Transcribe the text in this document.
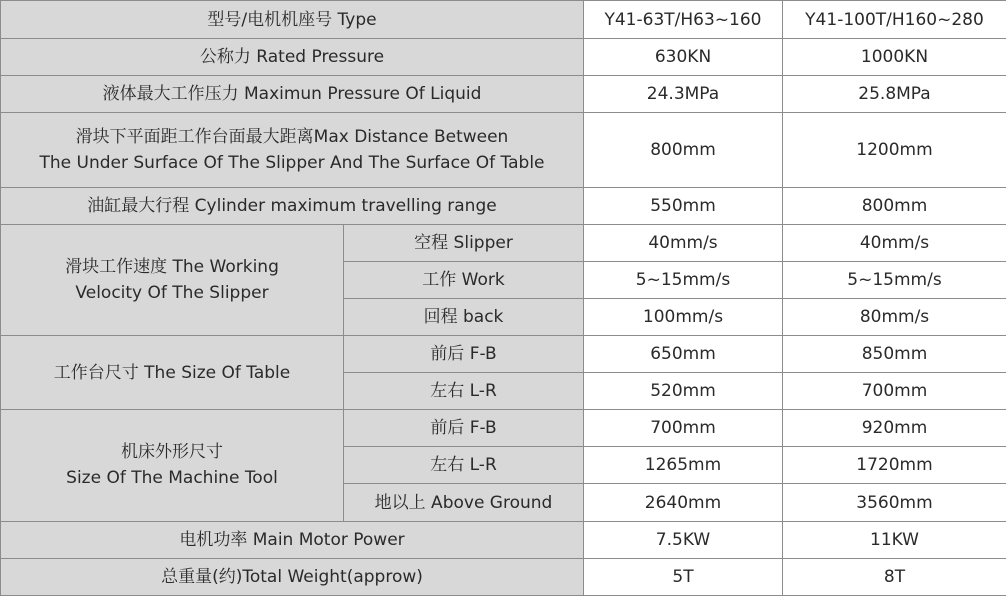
型号/电机机座号 Type		Y41-63T/H63~160	Y41-100T/H160~280
公称力 Rated Pressure		630KN	1000KN
液体最大工作压力 Maximun Pressure Of Liquid		24.3MPa	25.8MPa

滑块下平面距工作台面最大距离Max Distance Between
The Under Surface Of The Slipper And The Surface Of Table		800mm	1200mm
油缸最大行程 Cylinder maximum travelling range		550mm	800mm

滑块工作速度 The Working
Velocity Of The Slipper	空程 Slipper	40mm/s	40mm/s
	工作 Work	5~15mm/s	5~15mm/s
	回程 back	100mm/s	80mm/s
工作台尺寸 The Size Of Table	前后 F-B	650mm	850mm
	左右 L-R	520mm	700mm

机床外形尺寸
Size Of The Machine Tool	前后 F-B	700mm	920mm
	左右 L-R	1265mm	1720mm
	地以上 Above Ground	2640mm	3560mm
电机功率 Main Motor Power		7.5KW	11KW
总重量(约)Total Weight(approw)		5T	8T
